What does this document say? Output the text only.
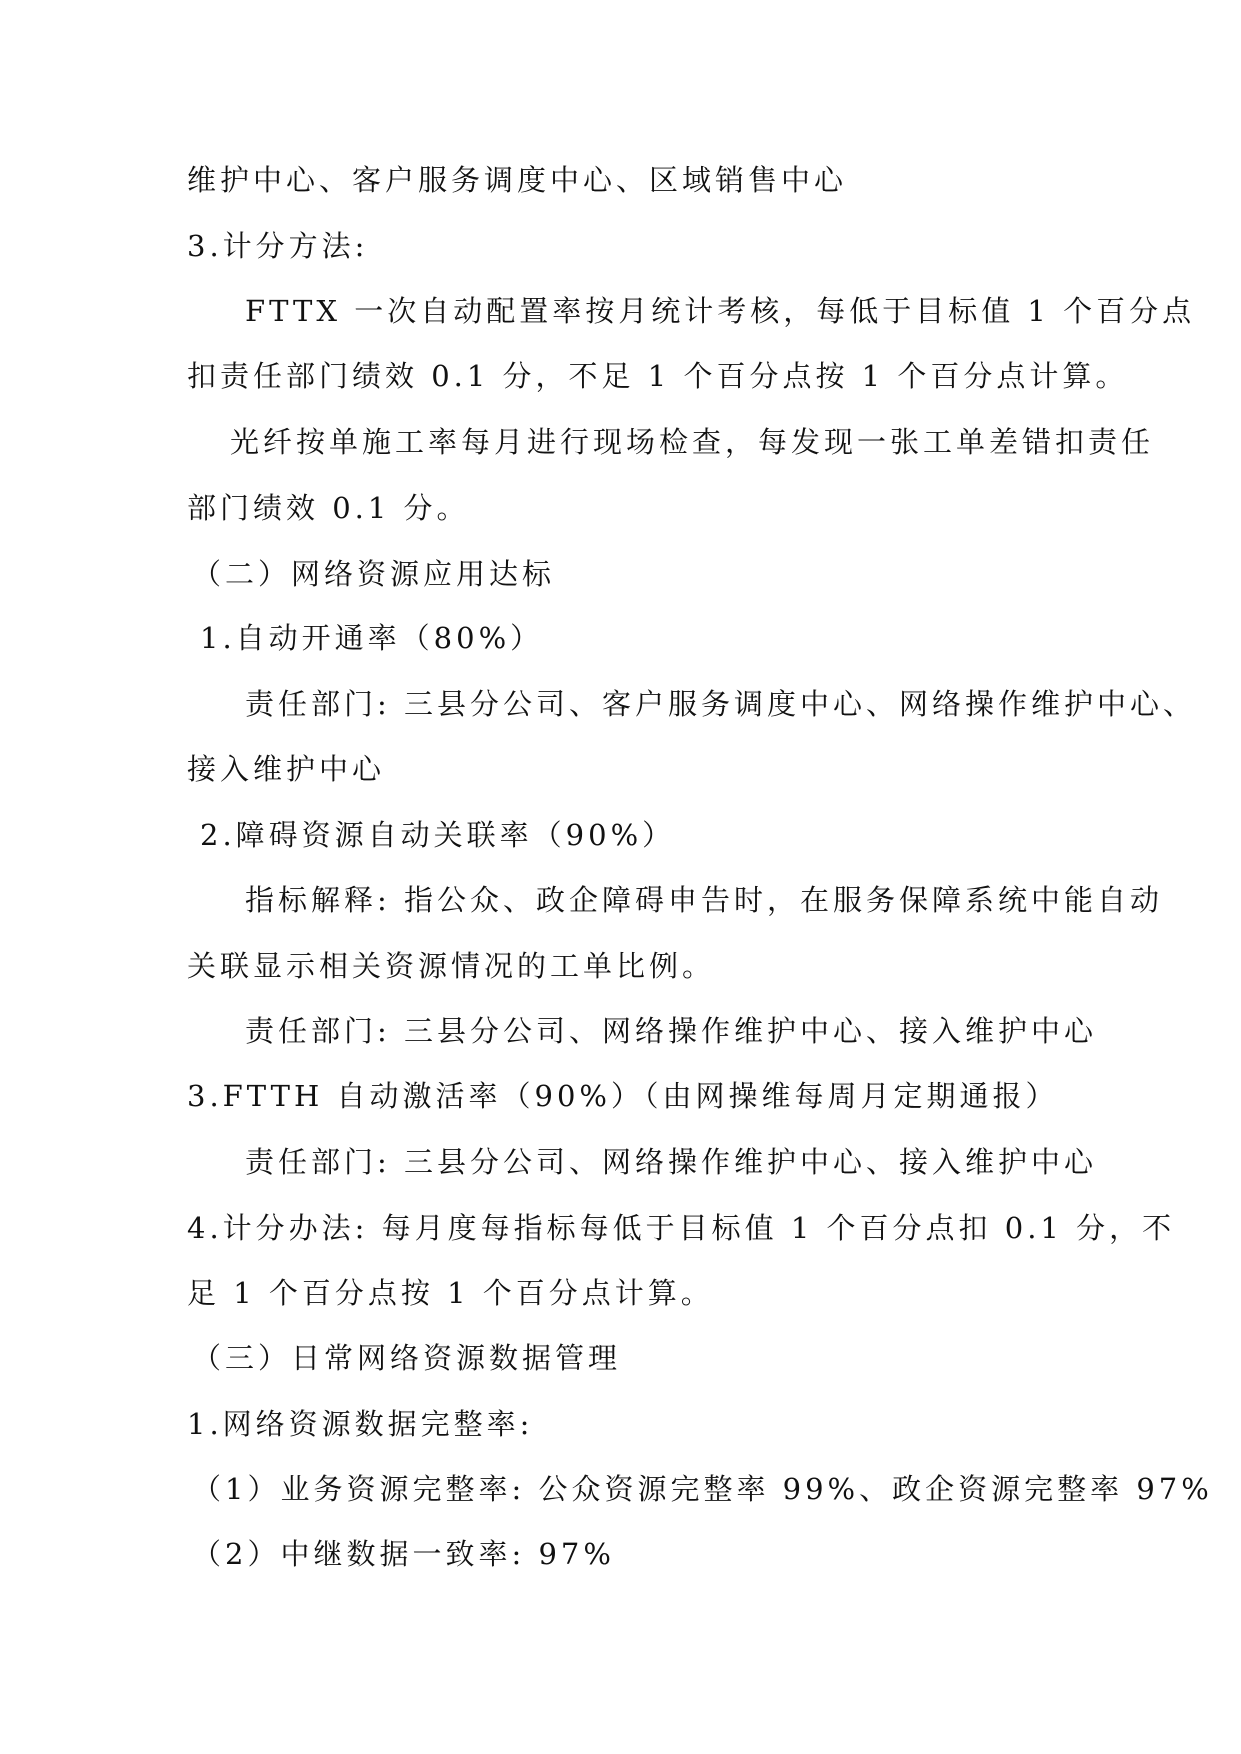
维护中心、客户服务调度中心、区域销售中心
3.计分方法:
FTTX 一次自动配置率按月统计考核，每低于目标值 1 个百分点
扣责任部门绩效 0.1 分，不足 1 个百分点按 1 个百分点计算。
光纤按单施工率每月进行现场检查，每发现一张工单差错扣责任
部门绩效 0.1 分。
（二）网络资源应用达标
1.自动开通率（80%）
责任部门: 三县分公司、客户服务调度中心、网络操作维护中心、
接入维护中心
2.障碍资源自动关联率（90%）
指标解释: 指公众、政企障碍申告时，在服务保障系统中能自动
关联显示相关资源情况的工单比例。
责任部门: 三县分公司、网络操作维护中心、接入维护中心
3.FTTH 自动激活率（90%）（由网操维每周月定期通报）
责任部门: 三县分公司、网络操作维护中心、接入维护中心
4.计分办法: 每月度每指标每低于目标值 1 个百分点扣 0.1 分，不
足 1 个百分点按 1 个百分点计算。
（三）日常网络资源数据管理
1.网络资源数据完整率:
（1）业务资源完整率: 公众资源完整率 99%、政企资源完整率 97%
（2）中继数据一致率: 97%
